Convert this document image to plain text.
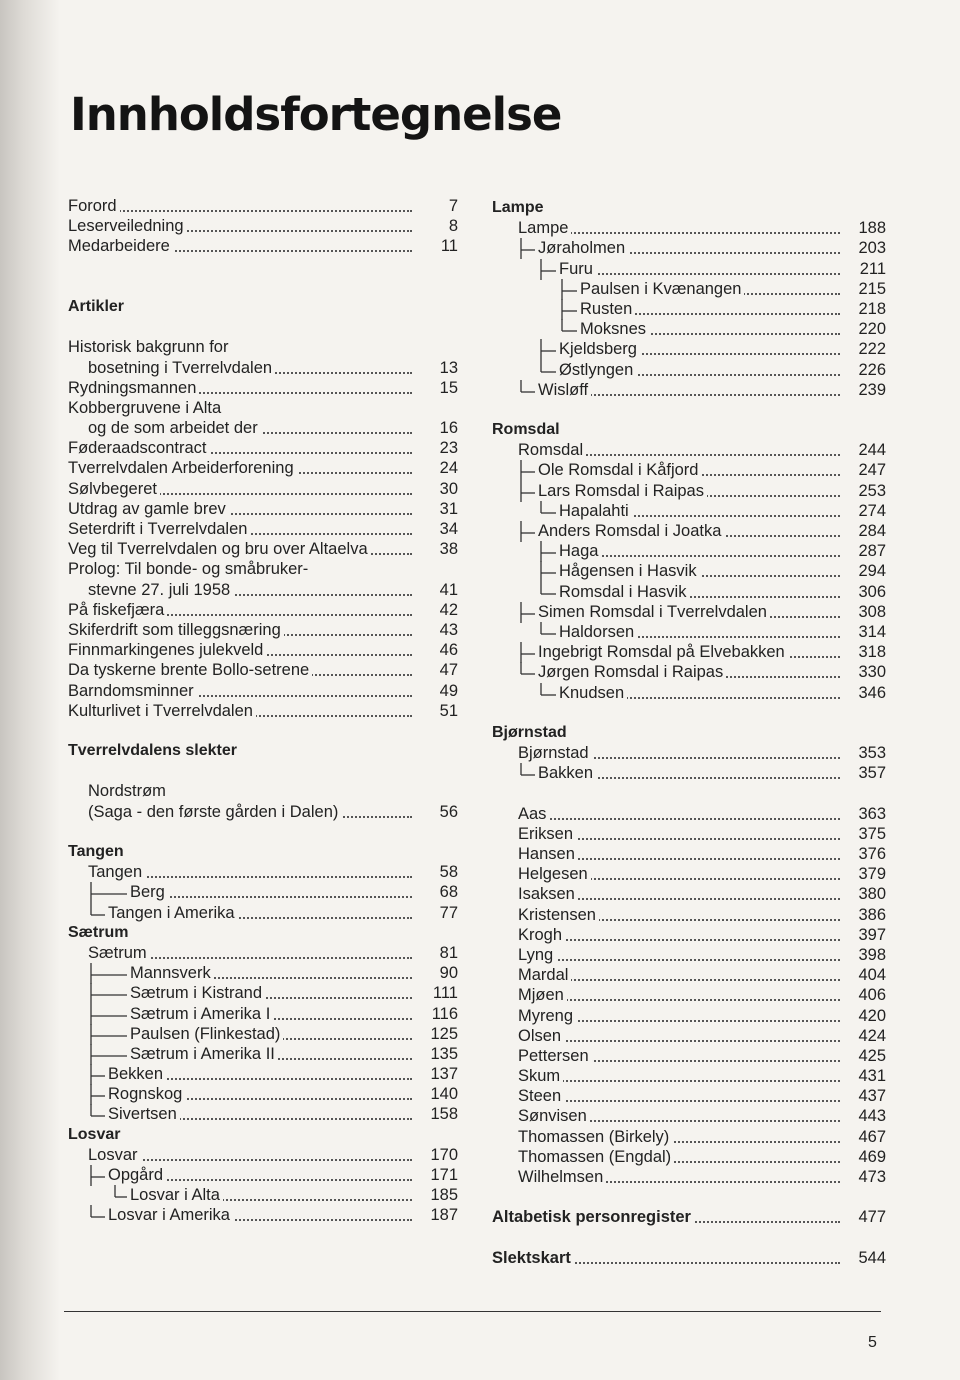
Innholdsfortegnelse
Forord	7
Leserveiledning	8
Medarbeidere	11
Artikler
Historisk bakgrunn for
bosetning i Tverrelvdalen	13
Rydningsmannen	15
Kobbergruvene i Alta
og de som arbeidet der	16
Føderaadscontract	23
Tverrelvdalen Arbeiderforening	24
Sølvbegeret	30
Utdrag av gamle brev	31
Seterdrift i Tverrelvdalen	34
Veg til Tverrelvdalen og bru over Altaelva	38
Prolog: Til bonde- og småbruker-
stevne 27. juli 1958	41
På fiskefjæra	42
Skiferdrift som tilleggsnæring	43
Finnmarkingenes julekveld	46
Da tyskerne brente Bollo-setrene	47
Barndomsminner	49
Kulturlivet i Tverrelvdalen	51
Tverrelvdalens slekter
Nordstrøm
(Saga - den første gården i Dalen)	56
Tangen
Tangen	58
Berg	68
Tangen i Amerika	77
Sætrum
Sætrum	81
Mannsverk	90
Sætrum i Kistrand	111
Sætrum i Amerika I	116
Paulsen (Flinkestad)	125
Sætrum i Amerika II	135
Bekken	137
Rognskog	140
Sivertsen	158
Losvar
Losvar	170
Opgård	171
Losvar i Alta	185
Losvar i Amerika	187
Lampe
Lampe	188
Jøraholmen	203
Furu	211
Paulsen i Kvænangen	215
Rusten	218
Moksnes	220
Kjeldsberg	222
Østlyngen	226
Wisløff	239
Romsdal
Romsdal	244
Ole Romsdal i Kåfjord	247
Lars Romsdal i Raipas	253
Hapalahti	274
Anders Romsdal i Joatka	284
Haga	287
Hågensen i Hasvik	294
Romsdal i Hasvik	306
Simen Romsdal i Tverrelvdalen	308
Haldorsen	314
Ingebrigt Romsdal på Elvebakken	318
Jørgen Romsdal i Raipas	330
Knudsen	346
Bjørnstad
Bjørnstad	353
Bakken	357
Aas	363
Eriksen	375
Hansen	376
Helgesen	379
Isaksen	380
Kristensen	386
Krogh	397
Lyng	398
Mardal	404
Mjøen	406
Myreng	420
Olsen	424
Pettersen	425
Skum	431
Steen	437
Sønvisen	443
Thomassen (Birkely)	467
Thomassen (Engdal)	469
Wilhelmsen	473
Altabetisk personregister	477
Slektskart	544
5
